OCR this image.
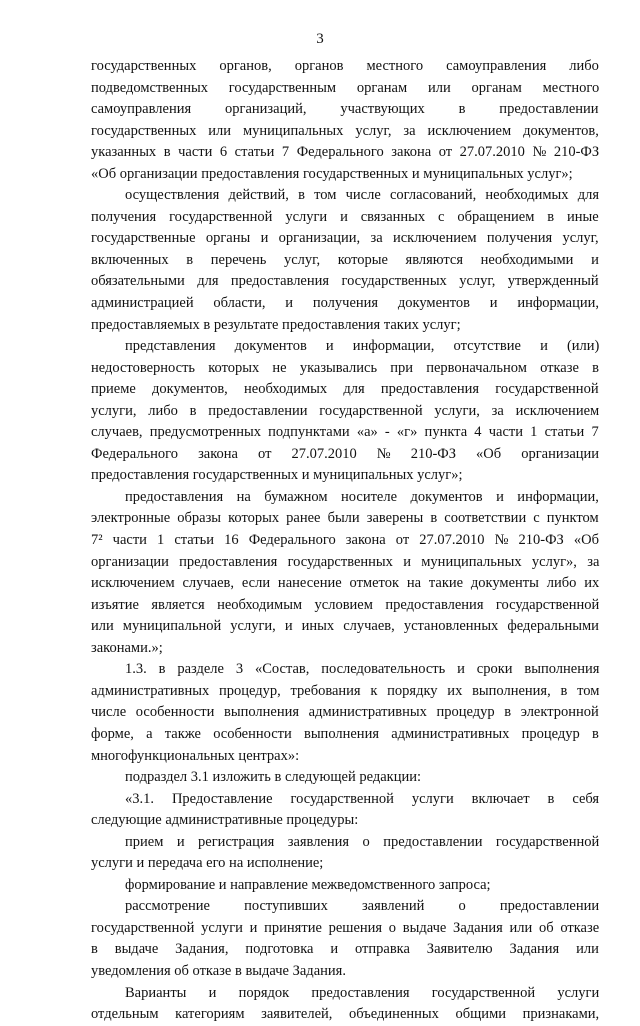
3
государственных органов, органов местного самоуправления либо
подведомственных государственным органам или органам местного
самоуправления организаций, участвующих в предоставлении
государственных или муниципальных услуг, за исключением документов,
указанных в части 6 статьи 7 Федерального закона от 27.07.2010 № 210-ФЗ
«Об организации предоставления государственных и муниципальных услуг»;
осуществления действий, в том числе согласований, необходимых для
получения государственной услуги и связанных с обращением в иные
государственные органы и организации, за исключением получения услуг,
включенных в перечень услуг, которые являются необходимыми и
обязательными для предоставления государственных услуг, утвержденный
администрацией области, и получения документов и информации,
предоставляемых в результате предоставления таких услуг;
представления документов и информации, отсутствие и (или)
недостоверность которых не указывались при первоначальном отказе в
приеме документов, необходимых для предоставления государственной
услуги, либо в предоставлении государственной услуги, за исключением
случаев, предусмотренных подпунктами «а» - «г» пункта 4 части 1 статьи 7
Федерального закона от 27.07.2010 № 210-ФЗ «Об организации
предоставления государственных и муниципальных услуг»;
предоставления на бумажном носителе документов и информации,
электронные образы которых ранее были заверены в соответствии с пунктом
7² части 1 статьи 16 Федерального закона от 27.07.2010 № 210-ФЗ «Об
организации предоставления государственных и муниципальных услуг», за
исключением случаев, если нанесение отметок на такие документы либо их
изъятие является необходимым условием предоставления государственной
или муниципальной услуги, и иных случаев, установленных федеральными
законами.»;
1.3. в разделе 3 «Состав, последовательность и сроки выполнения
административных процедур, требования к порядку их выполнения, в том
числе особенности выполнения административных процедур в электронной
форме, а также особенности выполнения административных процедур в
многофункциональных центрах»:
подраздел 3.1 изложить в следующей редакции:
«3.1. Предоставление государственной услуги включает в себя
следующие административные процедуры:
прием и регистрация заявления о предоставлении государственной
услуги и передача его на исполнение;
формирование и направление межведомственного запроса;
рассмотрение поступивших заявлений о предоставлении
государственной услуги и принятие решения о выдаче Задания или об отказе
в выдаче Задания, подготовка и отправка Заявителю Задания или
уведомления об отказе в выдаче Задания.
Варианты и порядок предоставления государственной услуги
отдельным категориям заявителей, объединенных общими признаками,
